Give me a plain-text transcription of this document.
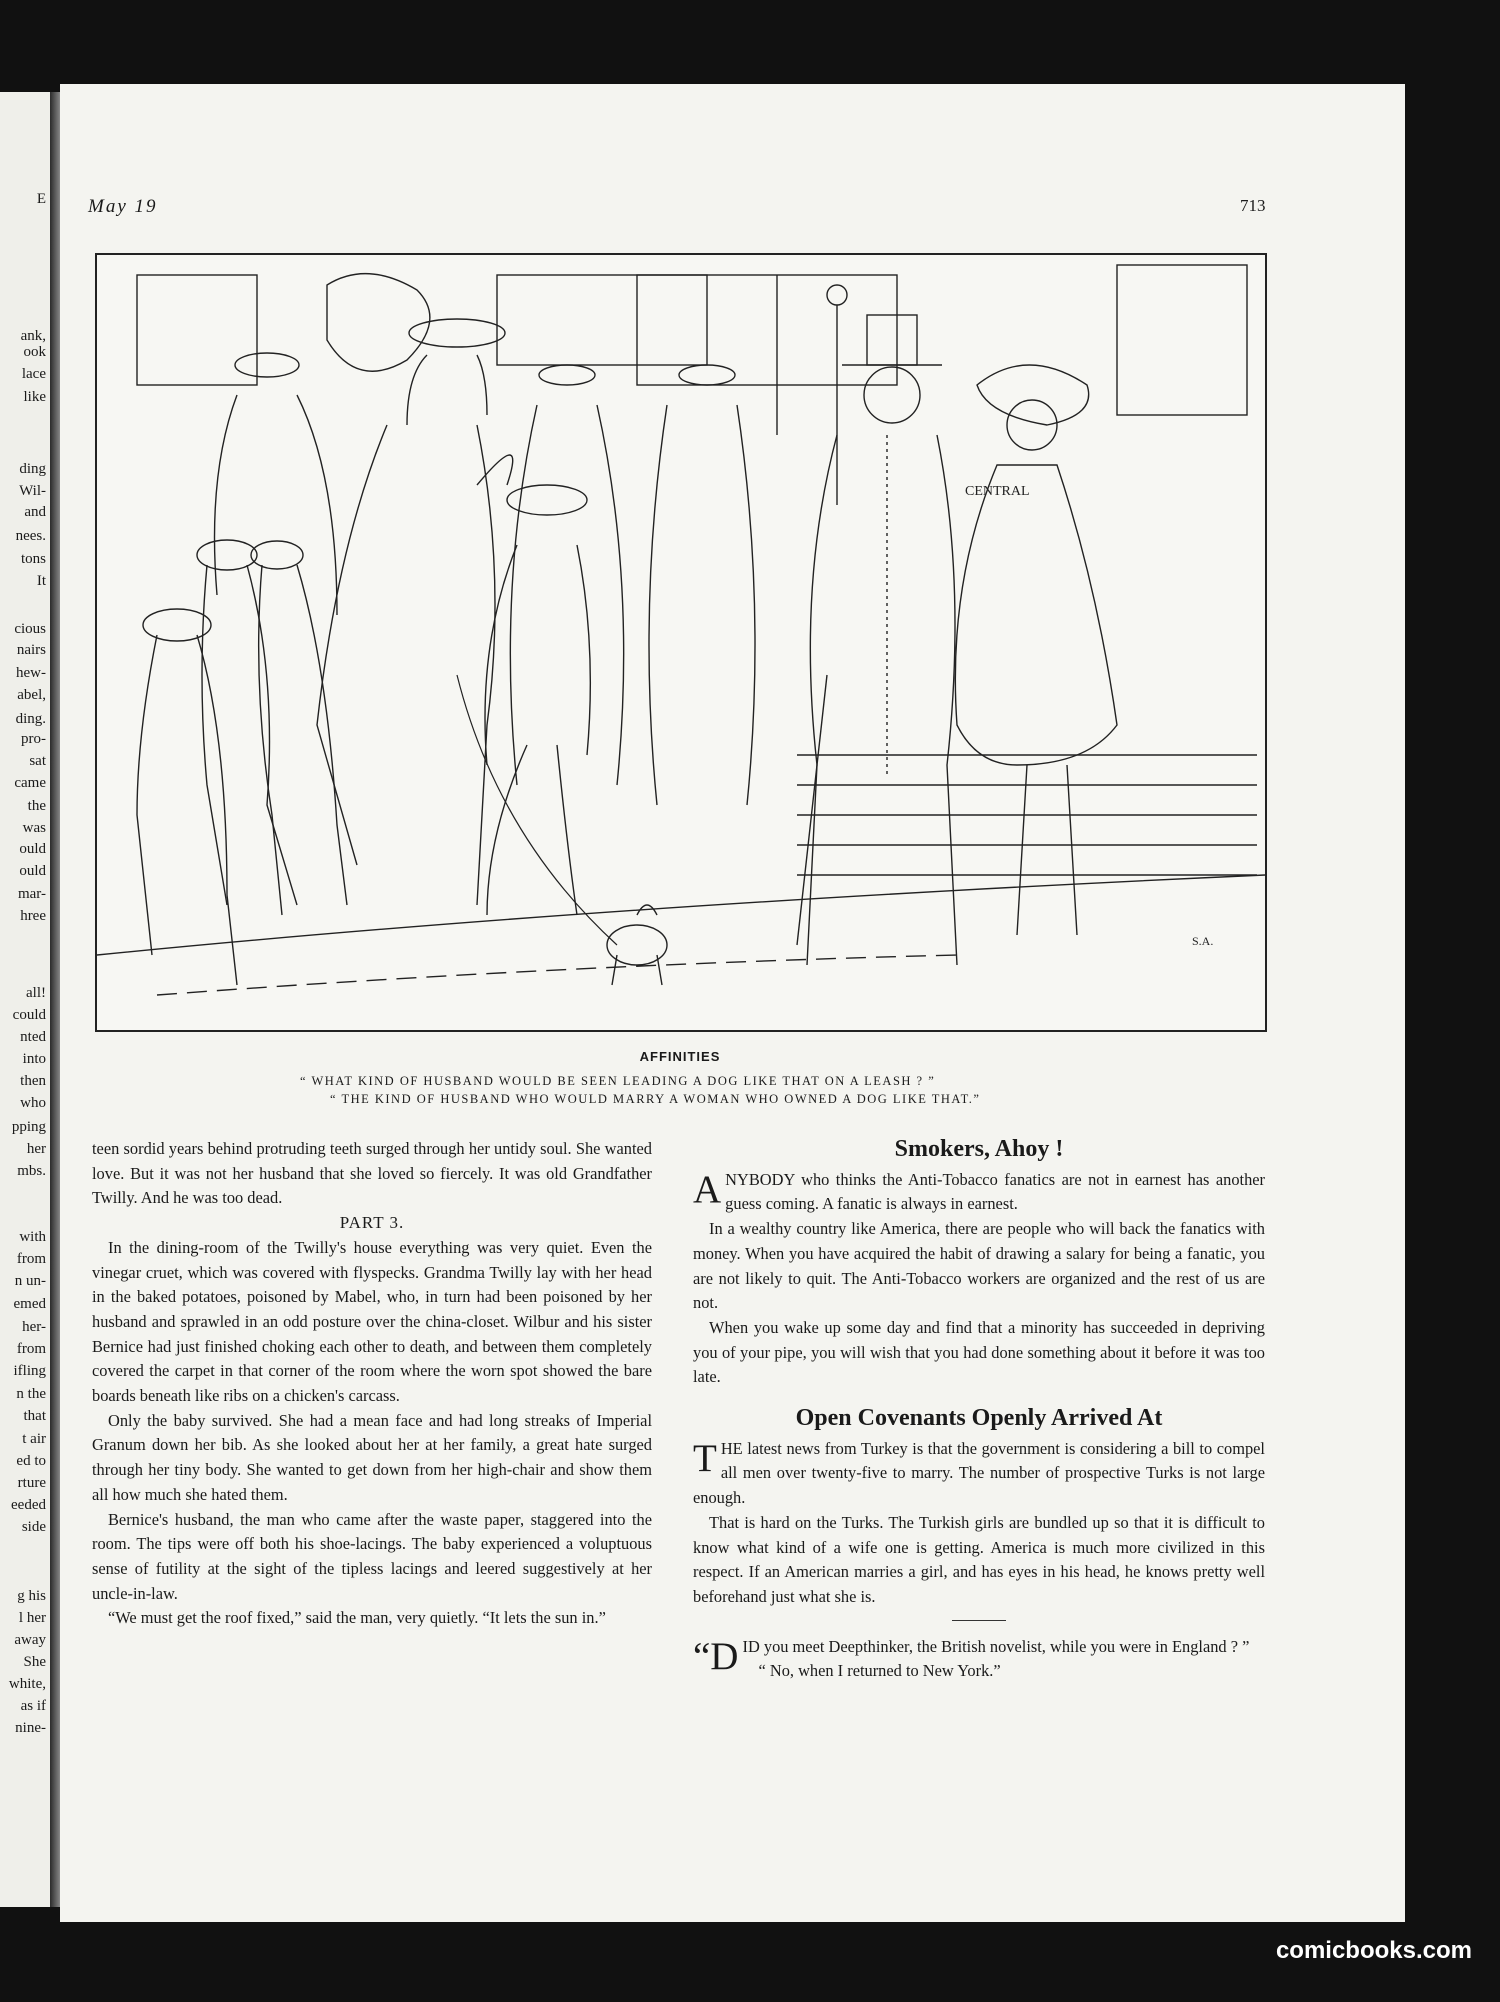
E
ank,
ook
lace
like
ding
Wil-
and
nees.
tons
It
cious
nairs
hew-
abel,
ding.
pro-
sat
came
the
was
ould
ould
mar-
hree
all!
could
nted
into
then
who
pping
her
mbs.
with
from
n un-
emed
her-
from
ifling
n the
that
t air
ed to
rture
eeded
side
g his
l her
away
She
white,
as if
nine-
May 19	713
CENTRAL
S.A.
AFFINITIES
“ WHAT KIND OF HUSBAND WOULD BE SEEN LEADING A DOG LIKE THAT ON A LEASH ? ”
“ THE KIND OF HUSBAND WHO WOULD MARRY A WOMAN WHO OWNED A DOG LIKE THAT.”

teen sordid years behind protruding teeth surged through her untidy soul. She wanted love. But it was not her husband that she loved so fiercely. It was old Grandfather Twilly. And he was too dead.

PART 3.

In the dining-room of the Twilly's house everything was very quiet. Even the vinegar cruet, which was covered with flyspecks. Grandma Twilly lay with her head in the baked potatoes, poisoned by Mabel, who, in turn had been poisoned by her husband and sprawled in an odd posture over the china-closet. Wilbur and his sister Bernice had just finished choking each other to death, and between them completely covered the carpet in that corner of the room where the worn spot showed the bare boards beneath like ribs on a chicken's carcass.

Only the baby survived. She had a mean face and had long streaks of Imperial Granum down her bib. As she looked about her at her family, a great hate surged through her tiny body. She wanted to get down from her high-chair and show them all how much she hated them.

Bernice's husband, the man who came after the waste paper, staggered into the room. The tips were off both his shoe-lacings. The baby experienced a voluptuous sense of futility at the sight of the tipless lacings and leered suggestively at her uncle-in-law.

“We must get the roof fixed,” said the man, very quietly. “It lets the sun in.”

Smokers, Ahoy !

ANYBODY who thinks the Anti-Tobacco fanatics are not in earnest has another guess coming. A fanatic is always in earnest.

In a wealthy country like America, there are people who will back the fanatics with money. When you have acquired the habit of drawing a salary for being a fanatic, you are not likely to quit. The Anti-Tobacco workers are organized and the rest of us are not.

When you wake up some day and find that a minority has succeeded in depriving you of your pipe, you will wish that you had done something about it before it was too late.

Open Covenants Openly Arrived At

THE latest news from Turkey is that the government is considering a bill to compel all men over twenty-five to marry. The number of prospective Turks is not large enough.

That is hard on the Turks. The Turkish girls are bundled up so that it is difficult to know what kind of a wife one is getting. America is much more civilized in this respect. If an American marries a girl, and has eyes in his head, he knows pretty well beforehand just what she is.

“DID you meet Deepthinker, the British novelist, while you were in England ? ”

“ No, when I returned to New York.”

comicbooks.com
